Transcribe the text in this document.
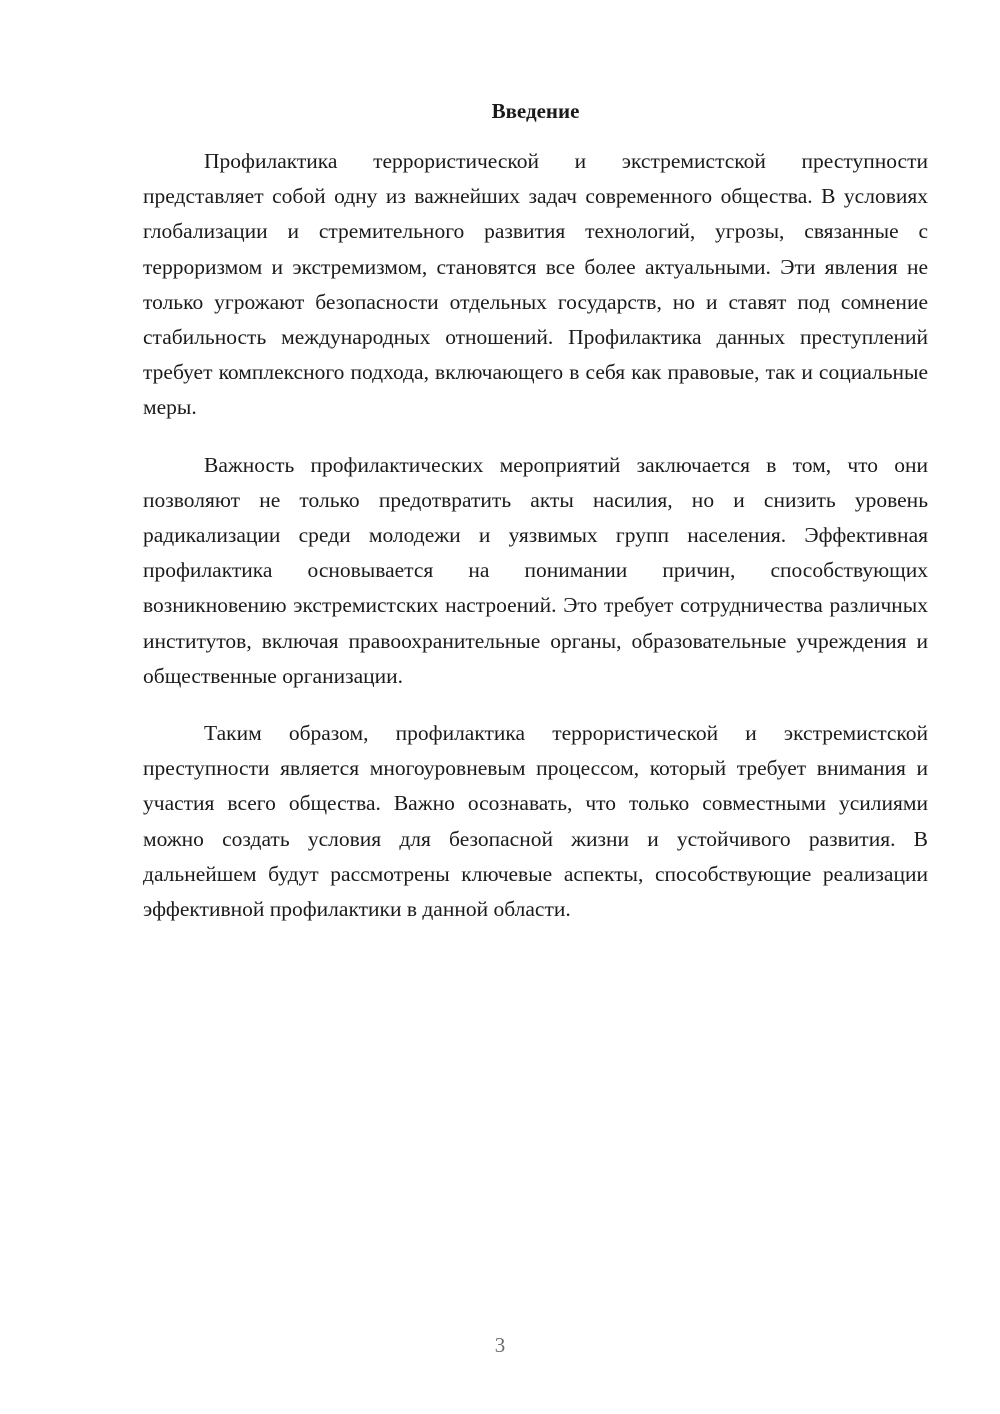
Введение

Профилактика террористической и экстремистской преступности представляет собой одну из важнейших задач современного общества. В условиях глобализации и стремительного развития технологий, угрозы, связанные с терроризмом и экстремизмом, становятся все более актуальными. Эти явления не только угрожают безопасности отдельных государств, но и ставят под сомнение стабильность международных отношений. Профилактика данных преступлений требует комплексного подхода, включающего в себя как правовые, так и социальные меры.

Важность профилактических мероприятий заключается в том, что они позволяют не только предотвратить акты насилия, но и снизить уровень радикализации среди молодежи и уязвимых групп населения. Эффективная профилактика основывается на понимании причин, способствующих возникновению экстремистских настроений. Это требует сотрудничества различных институтов, включая правоохранительные органы, образовательные учреждения и общественные организации.

Таким образом, профилактика террористической и экстремистской преступности является многоуровневым процессом, который требует внимания и участия всего общества. Важно осознавать, что только совместными усилиями можно создать условия для безопасной жизни и устойчивого развития. В дальнейшем будут рассмотрены ключевые аспекты, способствующие реализации эффективной профилактики в данной области.

3
